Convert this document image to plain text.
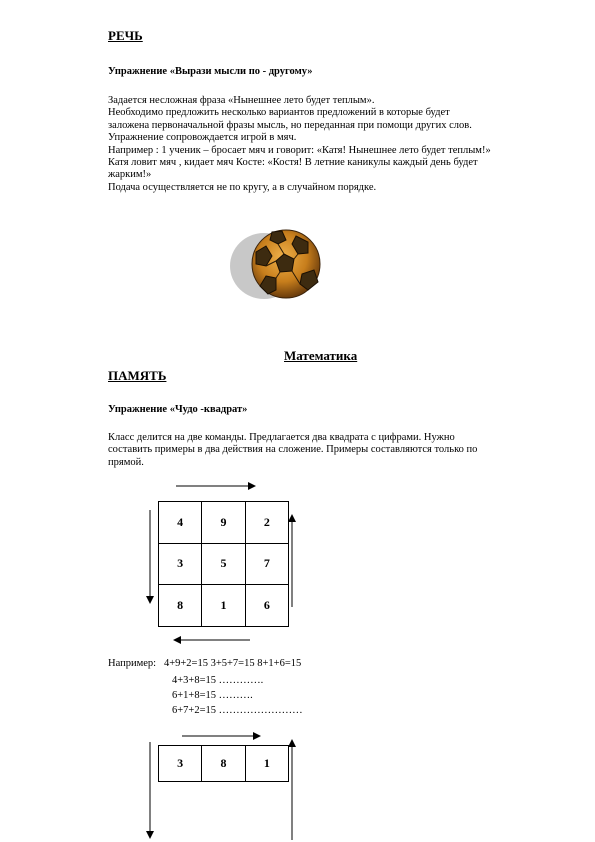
РЕЧЬ
Упражнение «Вырази мысли по - другому»
Задается несложная фраза «Нынешнее лето будет теплым».
Необходимо предложить несколько вариантов предложений в которые будет
заложена первоначальной фразы мысль, но переданная при помощи других слов.
Упражнение сопровождается игрой в мяч.
Например : 1 ученик – бросает мяч и говорит: «Катя! Нынешнее лето будет теплым!»
Катя ловит мяч , кидает мяч Косте: «Костя! В летние каникулы каждый день будет
жарким!»
Подача осуществляется не по кругу, а в случайном порядке.
Математика
ПАМЯТЬ
Упражнение «Чудо -квадрат»
Класс делится на две команды. Предлагается два квадрата с цифрами. Нужно
составить примеры в два действия на сложение. Примеры составляются только по
прямой.
4	9	2
3	5	7
8	1	6
Например: 4+9+2=15 3+5+7=15 8+1+6=15
4+3+8=15 ………….
6+1+8=15 ……….
6+7+2=15 ……………………
3	8	1
